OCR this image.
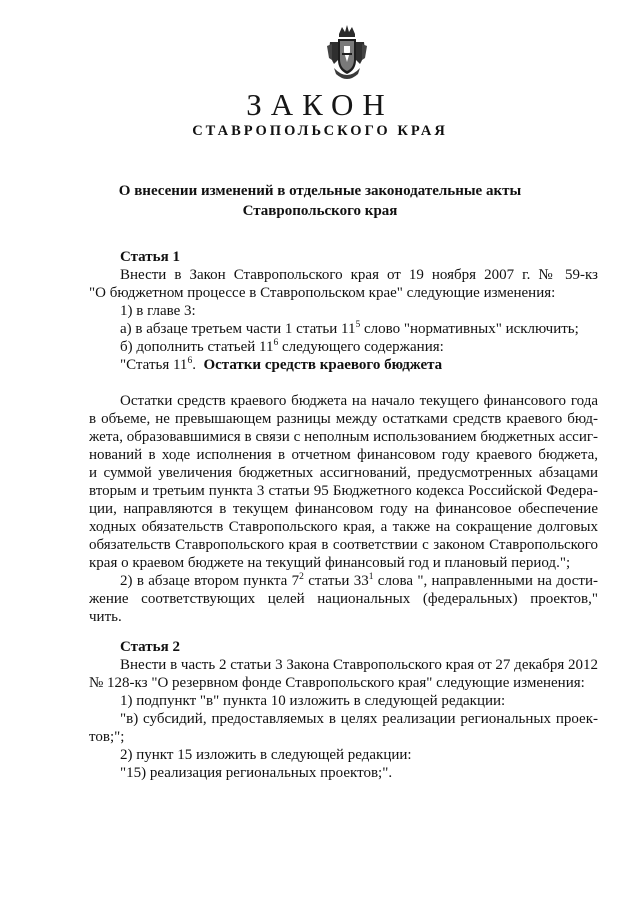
ЗАКОН
СТАВРОПОЛЬСКОГО КРАЯ
О внесении изменений в отдельные законодательные акты
Ставропольского края
Статья 1
Внести в Закон Ставропольского края от 19 ноября 2007 г. № 59-кз
"О бюджетном процессе в Ставропольском крае" следующие изменения:
1) в главе 3:
а) в абзаце третьем части 1 статьи $11^5$ слово "нормативных" исключить;
б) дополнить статьей $11^6$ следующего содержания:
"Статья $11^6$. Остатки средств краевого бюджета
Остатки средств краевого бюджета на начало текущего финансового года
в объеме, не превышающем разницы между остатками средств краевого бюд-
жета, образовавшимися в связи с неполным использованием бюджетных ассиг-
нований в ходе исполнения в отчетном финансовом году краевого бюджета,
и суммой увеличения бюджетных ассигнований, предусмотренных абзацами
вторым и третьим пункта 3 статьи 95 Бюджетного кодекса Российской Федера-
ции, направляются в текущем финансовом году на финансовое обеспечение
ходных обязательств Ставропольского края, а также на сокращение долговых
обязательств Ставропольского края в соответствии с законом Ставропольского
края о краевом бюджете на текущий финансовый год и плановый период.";
2) в абзаце втором пункта $7^2$ статьи $33^1$ слова ", направленными на дости-
жение соответствующих целей национальных (федеральных) проектов,"
чить.
Статья 2
Внести в часть 2 статьи 3 Закона Ставропольского края от 27 декабря 2012
№ 128-кз "О резервном фонде Ставропольского края" следующие изменения:
1) подпункт "в" пункта 10 изложить в следующей редакции:
"в) субсидий, предоставляемых в целях реализации региональных проек-
тов;";
2) пункт 15 изложить в следующей редакции:
"15) реализация региональных проектов;".
